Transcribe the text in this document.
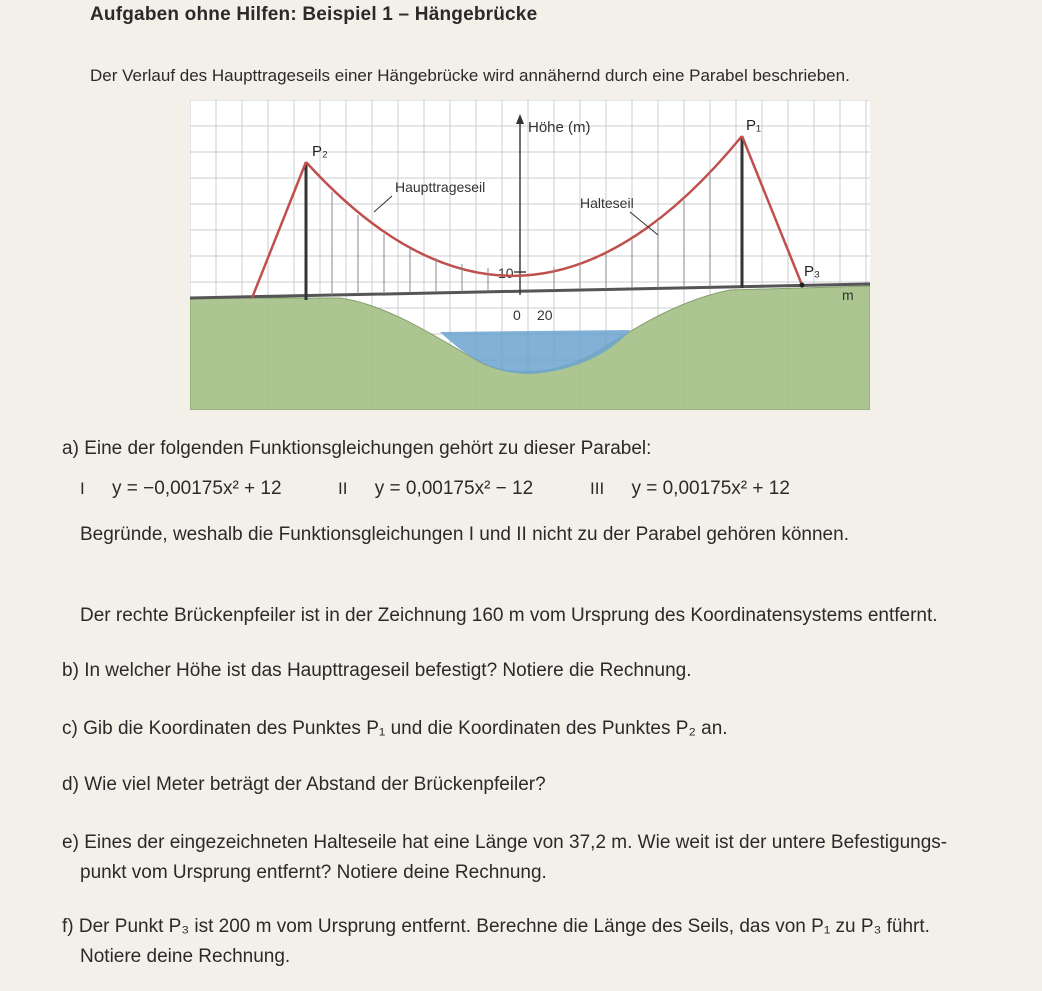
Aufgaben ohne Hilfen: Beispiel 1 – Hängebrücke
Der Verlauf des Haupttrageseils einer Hängebrücke wird annähernd durch eine Parabel beschrieben.
Höhe (m)
m
0 20
10
Haupttrageseil
Halteseil
P₂
P₁
P₃
a) Eine der folgenden Funktionsgleichungen gehört zu dieser Parabel:
I y = −0,00175x² + 12	II y = 0,00175x² − 12	III y = 0,00175x² + 12
Begründe, weshalb die Funktionsgleichungen I und II nicht zu der Parabel gehören können.
Der rechte Brückenpfeiler ist in der Zeichnung 160 m vom Ursprung des Koordinatensystems entfernt.
b) In welcher Höhe ist das Haupttrageseil befestigt? Notiere die Rechnung.
c) Gib die Koordinaten des Punktes P₁ und die Koordinaten des Punktes P₂ an.
d) Wie viel Meter beträgt der Abstand der Brückenpfeiler?
e) Eines der eingezeichneten Halteseile hat eine Länge von 37,2 m. Wie weit ist der untere Befestigungs-
punkt vom Ursprung entfernt? Notiere deine Rechnung.
f) Der Punkt P₃ ist 200 m vom Ursprung entfernt. Berechne die Länge des Seils, das von P₁ zu P₃ führt.
Notiere deine Rechnung.
